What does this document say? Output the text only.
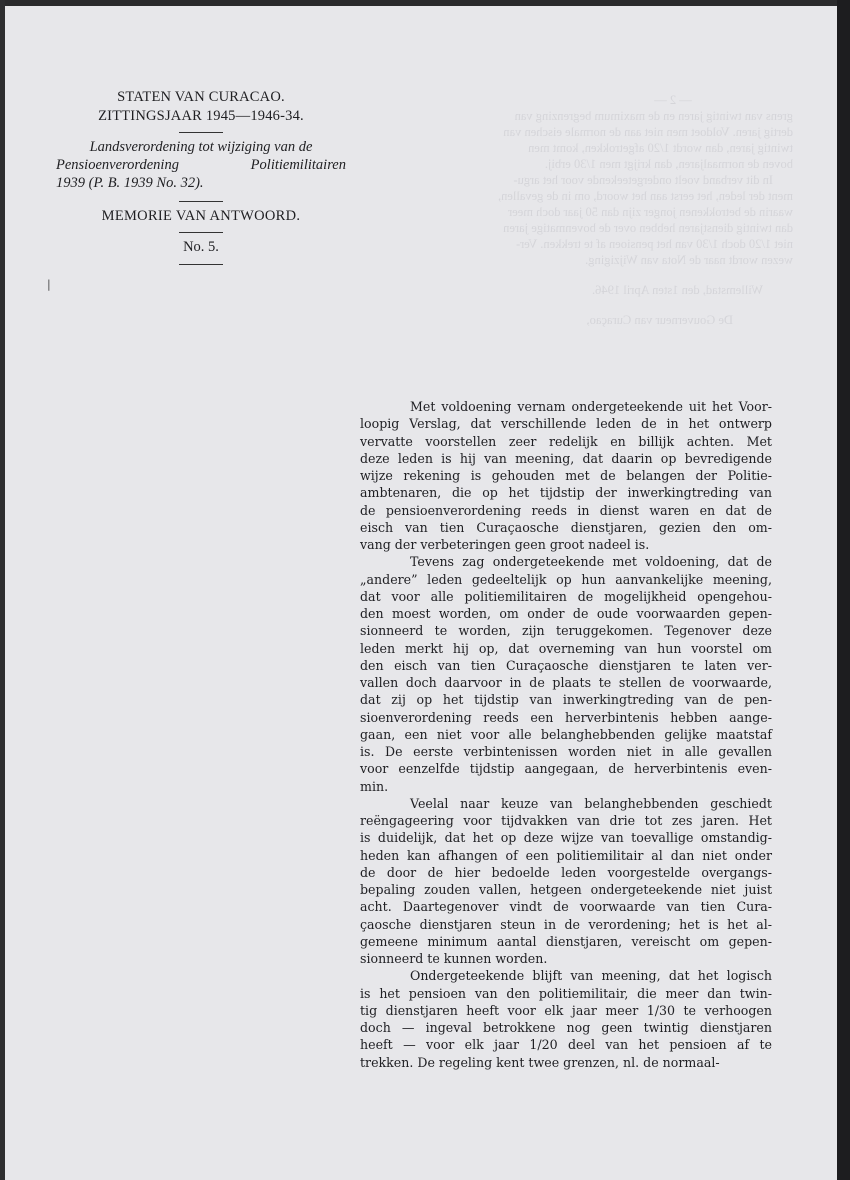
STATEN VAN CURACAO.
ZITTINGSJAAR 1945—1946-34.
Landsverordening tot wijziging van de
Pensioenverordening Politiemilitairen
1939 (P. B. 1939 No. 32).
MEMORIE VAN ANTWOORD.
No. 5.
|
— 2 —
grens van twintig jaren en de maximum begrenzing van
dertig jaren. Voldoet men niet aan de normale eischen van
twintig jaren, dan wordt 1/20 afgetrokken, komt men
boven de normaaljaren, dan krijgt men 1/30 erbij.
In dit verband voelt ondergeteekende voor het argu-
ment der leden, het eerst aan het woord, om in de gevallen,
waarin de betrokkenen jonger zijn dan 50 jaar doch meer
dan twintig dienstjaren hebben over de bovenmatige jaren
niet 1/20 doch 1/30 van het pensioen af te trekken. Ver-
wezen wordt naar de Nota van Wijziging.
Willemstad, den 1sten April 1946.
De Gouverneur van Curaçao,
Met voldoening vernam ondergeteekende uit het Voor-
loopig Verslag, dat verschillende leden de in het ontwerp
vervatte voorstellen zeer redelijk en billijk achten. Met
deze leden is hij van meening, dat daarin op bevredigende
wijze rekening is gehouden met de belangen der Politie-
ambtenaren, die op het tijdstip der inwerkingtreding van
de pensioenverordening reeds in dienst waren en dat de
eisch van tien Curaçaosche dienstjaren, gezien den om-
vang der verbeteringen geen groot nadeel is.
Tevens zag ondergeteekende met voldoening, dat de
„andere” leden gedeeltelijk op hun aanvankelijke meening,
dat voor alle politiemilitairen de mogelijkheid opengehou-
den moest worden, om onder de oude voorwaarden gepen-
sionneerd te worden, zijn teruggekomen. Tegenover deze
leden merkt hij op, dat overneming van hun voorstel om
den eisch van tien Curaçaosche dienstjaren te laten ver-
vallen doch daarvoor in de plaats te stellen de voorwaarde,
dat zij op het tijdstip van inwerkingtreding van de pen-
sioenverordening reeds een herverbintenis hebben aange-
gaan, een niet voor alle belanghebbenden gelijke maatstaf
is. De eerste verbintenissen worden niet in alle gevallen
voor eenzelfde tijdstip aangegaan, de herverbintenis even-
min.
Veelal naar keuze van belanghebbenden geschiedt
reëngageering voor tijdvakken van drie tot zes jaren. Het
is duidelijk, dat het op deze wijze van toevallige omstandig-
heden kan afhangen of een politiemilitair al dan niet onder
de door de hier bedoelde leden voorgestelde overgangs-
bepaling zouden vallen, hetgeen ondergeteekende niet juist
acht. Daartegenover vindt de voorwaarde van tien Cura-
çaosche dienstjaren steun in de verordening; het is het al-
gemeene minimum aantal dienstjaren, vereischt om gepen-
sionneerd te kunnen worden.
Ondergeteekende blijft van meening, dat het logisch
is het pensioen van den politiemilitair, die meer dan twin-
tig dienstjaren heeft voor elk jaar meer 1/30 te verhoogen
doch — ingeval betrokkene nog geen twintig dienstjaren
heeft — voor elk jaar 1/20 deel van het pensioen af te
trekken. De regeling kent twee grenzen, nl. de normaal-
